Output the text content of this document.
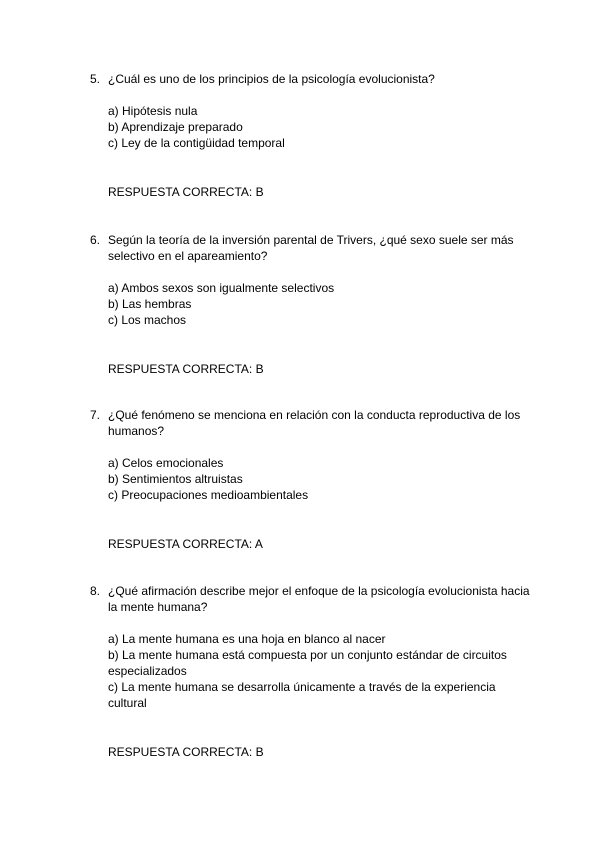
5. ¿Cuál es uno de los principios de la psicología evolucionista?
a) Hipótesis nula
b) Aprendizaje preparado
c) Ley de la contigüidad temporal
RESPUESTA CORRECTA: B
6. Según la teoría de la inversión parental de Trivers, ¿qué sexo suele ser más selectivo en el apareamiento?
a) Ambos sexos son igualmente selectivos
b) Las hembras
c) Los machos
RESPUESTA CORRECTA: B
7. ¿Qué fenómeno se menciona en relación con la conducta reproductiva de los humanos?
a) Celos emocionales
b) Sentimientos altruistas
c) Preocupaciones medioambientales
RESPUESTA CORRECTA: A
8. ¿Qué afirmación describe mejor el enfoque de la psicología evolucionista hacia la mente humana?
a) La mente humana es una hoja en blanco al nacer
b) La mente humana está compuesta por un conjunto estándar de circuitos especializados
c) La mente humana se desarrolla únicamente a través de la experiencia cultural
RESPUESTA CORRECTA: B
